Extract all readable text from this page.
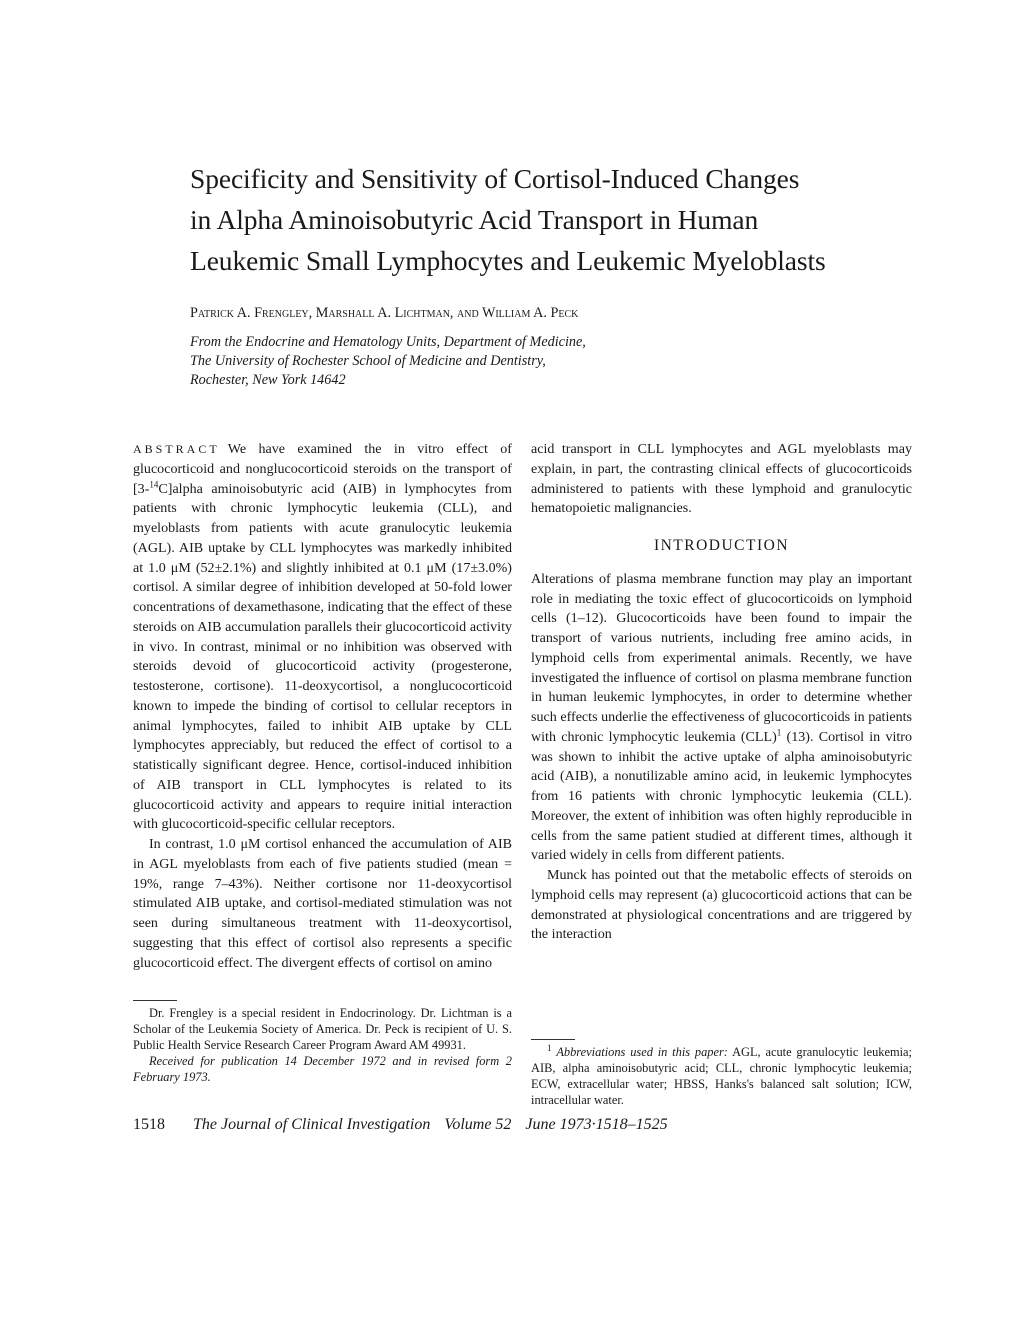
Specificity and Sensitivity of Cortisol-Induced Changes
in Alpha Aminoisobutyric Acid Transport in Human
Leukemic Small Lymphocytes and Leukemic Myeloblasts
Patrick A. Frengley, Marshall A. Lichtman, and William A. Peck
From the Endocrine and Hematology Units, Department of Medicine,
The University of Rochester School of Medicine and Dentistry,
Rochester, New York 14642

ABSTRACT We have examined the in vitro effect of glucocorticoid and nonglucocorticoid steroids on the transport of [3-$^{14}$C]alpha aminoisobutyric acid (AIB) in lymphocytes from patients with chronic lymphocytic leukemia (CLL), and myeloblasts from patients with acute granulocytic leukemia (AGL). AIB uptake by CLL lymphocytes was markedly inhibited at 1.0 μM (52±2.1%) and slightly inhibited at 0.1 μM (17±3.0%) cortisol. A similar degree of inhibition developed at 50-fold lower concentrations of dexamethasone, indicating that the effect of these steroids on AIB accumulation parallels their glucocorticoid activity in vivo. In contrast, minimal or no inhibition was observed with steroids devoid of glucocorticoid activity (progesterone, testosterone, cortisone). 11-deoxycortisol, a nonglucocorticoid known to impede the binding of cortisol to cellular receptors in animal lymphocytes, failed to inhibit AIB uptake by CLL lymphocytes appreciably, but reduced the effect of cortisol to a statistically significant degree. Hence, cortisol-induced inhibition of AIB transport in CLL lymphocytes is related to its glucocorticoid activity and appears to require initial interaction with glucocorticoid-specific cellular receptors.

In contrast, 1.0 μM cortisol enhanced the accumulation of AIB in AGL myeloblasts from each of five patients studied (mean = 19%, range 7–43%). Neither cortisone nor 11-deoxycortisol stimulated AIB uptake, and cortisol-mediated stimulation was not seen during simultaneous treatment with 11-deoxycortisol, suggesting that this effect of cortisol also represents a specific glucocorticoid effect. The divergent effects of cortisol on amino

acid transport in CLL lymphocytes and AGL myeloblasts may explain, in part, the contrasting clinical effects of glucocorticoids administered to patients with these lymphoid and granulocytic hematopoietic malignancies.

INTRODUCTION

Alterations of plasma membrane function may play an important role in mediating the toxic effect of glucocorticoids on lymphoid cells (1–12). Glucocorticoids have been found to impair the transport of various nutrients, including free amino acids, in lymphoid cells from experimental animals. Recently, we have investigated the influence of cortisol on plasma membrane function in human leukemic lymphocytes, in order to determine whether such effects underlie the effectiveness of glucocorticoids in patients with chronic lymphocytic leukemia (CLL)$^1$ (13). Cortisol in vitro was shown to inhibit the active uptake of alpha aminoisobutyric acid (AIB), a nonutilizable amino acid, in leukemic lymphocytes from 16 patients with chronic lymphocytic leukemia (CLL). Moreover, the extent of inhibition was often highly reproducible in cells from the same patient studied at different times, although it varied widely in cells from different patients.

Munck has pointed out that the metabolic effects of steroids on lymphoid cells may represent (a) glucocorticoid actions that can be demonstrated at physiological concentrations and are triggered by the interaction

Dr. Frengley is a special resident in Endocrinology. Dr. Lichtman is a Scholar of the Leukemia Society of America. Dr. Peck is recipient of U. S. Public Health Service Research Career Program Award AM 49931.

Received for publication 14 December 1972 and in revised form 2 February 1973.

$^1$ Abbreviations used in this paper: AGL, acute granulocytic leukemia; AIB, alpha aminoisobutyric acid; CLL, chronic lymphocytic leukemia; ECW, extracellular water; HBSS, Hanks's balanced salt solution; ICW, intracellular water.

1518 The Journal of Clinical Investigation Volume 52 June 1973·1518–1525
